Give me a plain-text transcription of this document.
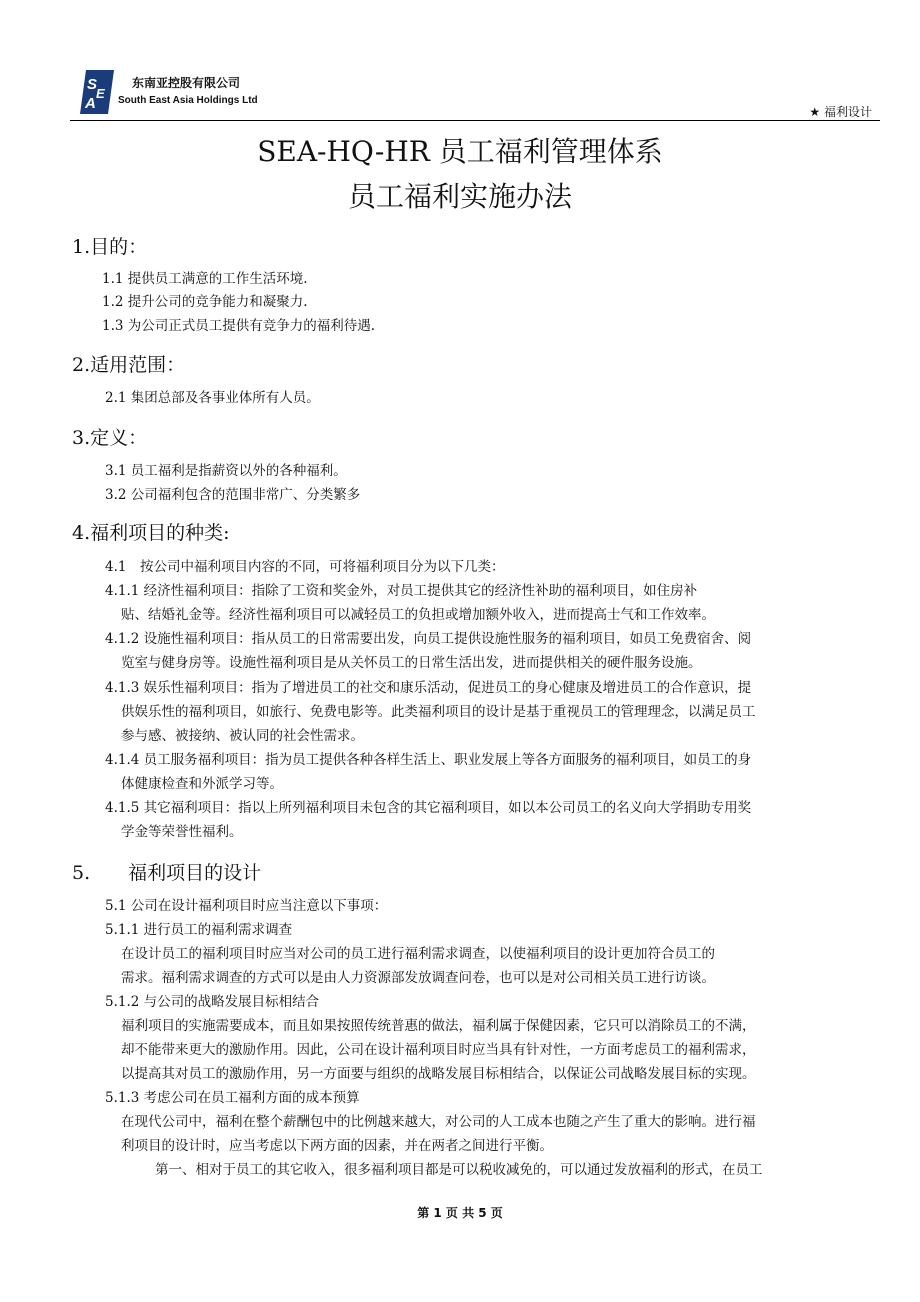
S
A
E
东南亚控股有限公司
South East Asia Holdings Ltd
★ 福利设计
SEA-HQ-HR 员工福利管理体系
员工福利实施办法
1.目的：
1.1 提供员工满意的工作生活环境.
1.2 提升公司的竞争能力和凝聚力.
1.3 为公司正式员工提供有竞争力的福利待遇.
2.适用范围：
2.1 集团总部及各事业体所有人员。
3.定义：
3.1 员工福利是指薪资以外的各种福利。
3.2 公司福利包含的范围非常广、分类繁多
4.福利项目的种类:
4.1　按公司中福利项目内容的不同，可将福利项目分为以下几类：
4.1.1 经济性福利项目：指除了工资和奖金外，对员工提供其它的经济性补助的福利项目，如住房补
贴、结婚礼金等。经济性福利项目可以减轻员工的负担或增加额外收入，进而提高士气和工作效率。
4.1.2 设施性福利项目：指从员工的日常需要出发，向员工提供设施性服务的福利项目，如员工免费宿舍、阅
览室与健身房等。设施性福利项目是从关怀员工的日常生活出发，进而提供相关的硬件服务设施。
4.1.3 娱乐性福利项目：指为了增进员工的社交和康乐活动，促进员工的身心健康及增进员工的合作意识，提
供娱乐性的福利项目，如旅行、免费电影等。此类福利项目的设计是基于重视员工的管理理念，以满足员工
参与感、被接纳、被认同的社会性需求。
4.1.4 员工服务福利项目：指为员工提供各种各样生活上、职业发展上等各方面服务的福利项目，如员工的身
体健康检查和外派学习等。
4.1.5 其它福利项目：指以上所列福利项目未包含的其它福利项目，如以本公司员工的名义向大学捐助专用奖
学金等荣誉性福利。
5.　　福利项目的设计
5.1 公司在设计福利项目时应当注意以下事项：
5.1.1 进行员工的福利需求调查
在设计员工的福利项目时应当对公司的员工进行福利需求调查，以使福利项目的设计更加符合员工的
需求。福利需求调查的方式可以是由人力资源部发放调查问卷，也可以是对公司相关员工进行访谈。
5.1.2 与公司的战略发展目标相结合
福利项目的实施需要成本，而且如果按照传统普惠的做法，福利属于保健因素，它只可以消除员工的不满，
却不能带来更大的激励作用。因此，公司在设计福利项目时应当具有针对性，一方面考虑员工的福利需求，
以提高其对员工的激励作用，另一方面要与组织的战略发展目标相结合，以保证公司战略发展目标的实现。
5.1.3 考虑公司在员工福利方面的成本预算
在现代公司中，福利在整个薪酬包中的比例越来越大，对公司的人工成本也随之产生了重大的影响。进行福
利项目的设计时，应当考虑以下两方面的因素，并在两者之间进行平衡。
第一、相对于员工的其它收入，很多福利项目都是可以税收减免的，可以通过发放福利的形式，在员工
第 1 页 共 5 页
